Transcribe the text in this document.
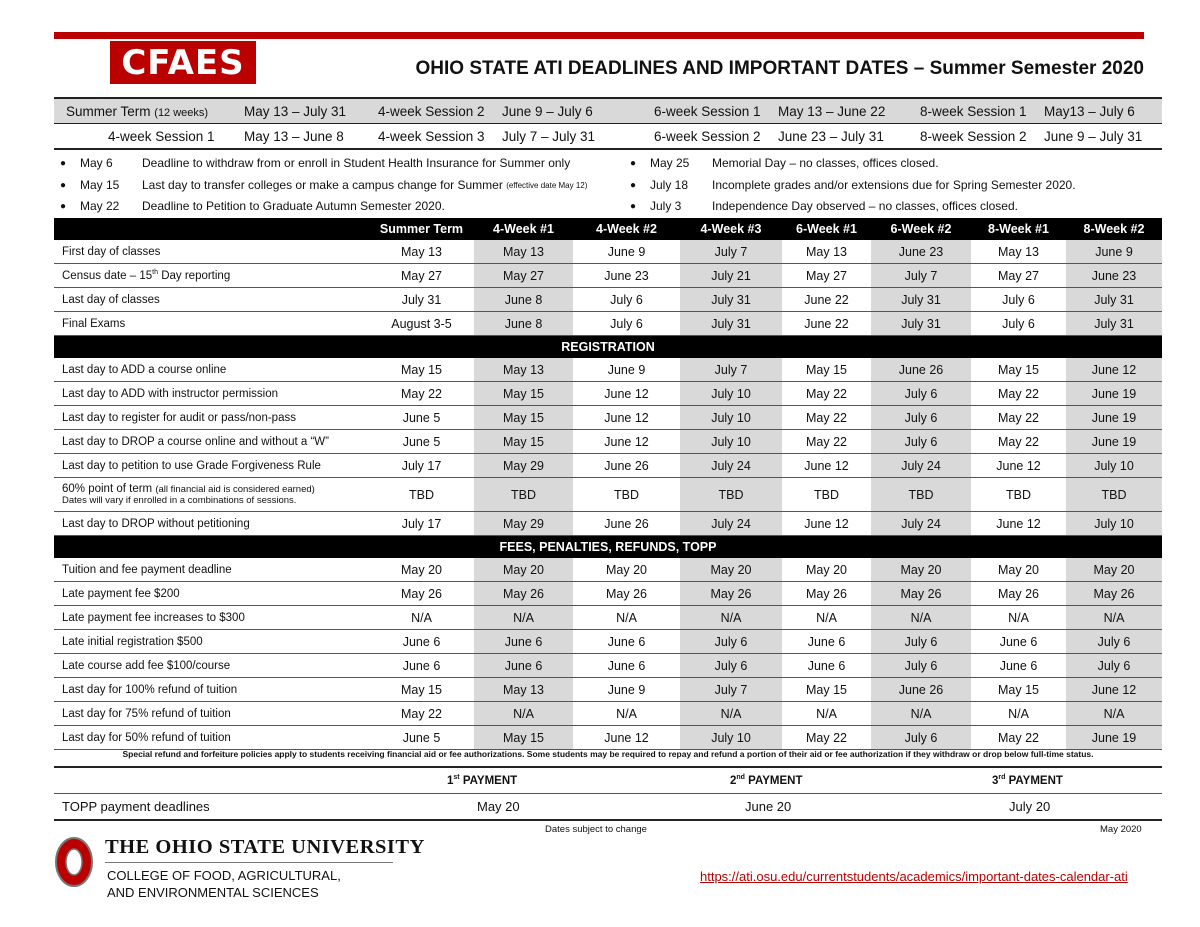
CFAES	OHIO STATE ATI DEADLINES AND IMPORTANT DATES – Summer Semester 2020
Summer Term (12 weeks)	May 13 – July 31	4-week Session 2	June 9 – July 6	6-week Session 1	May 13 – June 22	8-week Session 1	May13 – July 6
4-week Session 1	May 13 – June 8	4-week Session 3	July 7 – July 31	6-week Session 2	June 23 – July 31	8-week Session 2	June 9 – July 31
●	May 6	Deadline to withdraw from or enroll in Student Health Insurance for Summer only
●	May 15	Last day to transfer colleges or make a campus change for Summer
(effective date May 12)
●	May 22	Deadline to Petition to Graduate Autumn Semester 2020.
●	May 25	Memorial Day – no classes, offices closed.
●	July 18	Incomplete grades and/or extensions due for Spring Semester 2020.
●	July 3	Independence Day observed – no classes, offices closed.
	Summer Term	4-Week #1	4-Week #2	4-Week #3	6-Week #1	6-Week #2	8-Week #1	8-Week #2
First day of classes	May 13	May 13	June 9	July 7	May 13	June 23	May 13	June 9
Census date – 15th Day reporting	May 27	May 27	June 23	July 21	May 27	July 7	May 27	June 23
Last day of classes	July 31	June 8	July 6	July 31	June 22	July 31	July 6	July 31
Final Exams	August 3-5	June 8	July 6	July 31	June 22	July 31	July 6	July 31
REGISTRATION								
Last day to ADD a course online	May 15	May 13	June 9	July 7	May 15	June 26	May 15	June 12
Last day to ADD with instructor permission	May 22	May 15	June 12	July 10	May 22	July 6	May 22	June 19
Last day to register for audit or pass/non-pass	June 5	May 15	June 12	July 10	May 22	July 6	May 22	June 19
Last day to DROP a course online and without a “W”	June 5	May 15	June 12	July 10	May 22	July 6	May 22	June 19
Last day to petition to use Grade Forgiveness Rule	July 17	May 29	June 26	July 24	June 12	July 24	June 12	July 10
60% point of term (all financial aid is considered earned)
Dates will vary if enrolled in a combinations of sessions.	TBD	TBD	TBD	TBD	TBD	TBD	TBD	TBD
Last day to DROP without petitioning	July 17	May 29	June 26	July 24	June 12	July 24	June 12	July 10
FEES, PENALTIES, REFUNDS, TOPP								
Tuition and fee payment deadline	May 20	May 20	May 20	May 20	May 20	May 20	May 20	May 20
Late payment fee $200	May 26	May 26	May 26	May 26	May 26	May 26	May 26	May 26
Late payment fee increases to $300	N/A	N/A	N/A	N/A	N/A	N/A	N/A	N/A
Late initial registration $500	June 6	June 6	June 6	July 6	June 6	July 6	June 6	July 6
Late course add fee $100/course	June 6	June 6	June 6	July 6	June 6	July 6	June 6	July 6
Last day for 100% refund of tuition	May 15	May 13	June 9	July 7	May 15	June 26	May 15	June 12
Last day for 75% refund of tuition	May 22	N/A	N/A	N/A	N/A	N/A	N/A	N/A
Last day for 50% refund of tuition	June 5	May 15	June 12	July 10	May 22	July 6	May 22	June 19
Special refund and forfeiture policies apply to students receiving financial aid or fee authorizations. Some students may be required to repay and refund a portion of their aid or fee authorization if they withdraw or drop below full-time status.
1st PAYMENT	2nd PAYMENT	3rd PAYMENT
TOPP payment deadlines	May 20	June 20	July 20
Dates subject to change	May 2020
THE OHIO STATE UNIVERSITY
COLLEGE OF FOOD, AGRICULTURAL,
AND ENVIRONMENTAL SCIENCES
https://ati.osu.edu/currentstudents/academics/important-dates-calendar-ati
